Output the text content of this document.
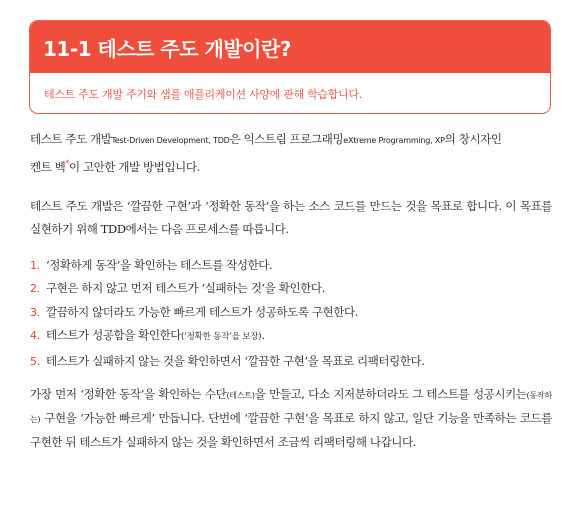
11-1 테스트 주도 개발이란?
테스트 주도 개발 주기와 샘플 애플리케이션 사양에 관해 학습합니다.

테스트 주도 개발Test-Driven Development, TDD은 익스트림 프로그래밍eXtreme Programming, XP의 창시자인
켄트 벡*이 고안한 개발 방법입니다.

테스트 주도 개발은 ‘깔끔한 구현’과 ‘정확한 동작’을 하는 소스 코드를 만드는 것을 목표로 합니다. 이 목표를 실현하기 위해 TDD에서는 다음 프로세스를 따릅니다.

1. ‘정확하게 동작’을 확인하는 테스트를 작성한다.
2. 구현은 하지 않고 먼저 테스트가 ‘실패하는 것’을 확인한다.
3. 깔끔하지 않더라도 가능한 빠르게 테스트가 성공하도록 구현한다.
4. 테스트가 성공함을 확인한다(‘정확한 동작’을 보장).
5. 테스트가 실패하지 않는 것을 확인하면서 ‘깔끔한 구현’을 목표로 리팩터링한다.

가장 먼저 ‘정확한 동작’을 확인하는 수단(테스트)을 만들고, 다소 지저분하더라도 그 테스트를 성공시키는(동작하는) 구현을 ‘가능한 빠르게’ 만듭니다. 단번에 ‘깔끔한 구현’을 목표로 하지 않고, 일단 기능을 만족하는 코드를 구현한 뒤 테스트가 실패하지 않는 것을 확인하면서 조금씩 리팩터링해 나갑니다.
